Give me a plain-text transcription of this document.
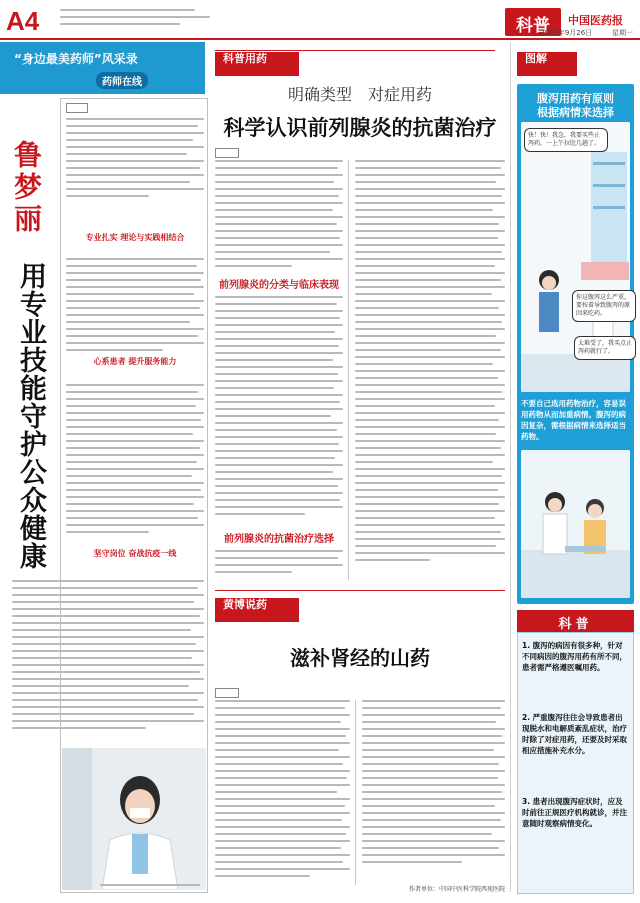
A4	科普	中国医药报
2022年9月26日	星期一
“身边最美药师”风采录
药师在线
鲁梦丽
用专业技能守护公众健康
专业扎实 理论与实践相结合
心系患者 提升服务能力
坚守岗位 奋战抗疫一线
科普用药
明确类型　对症用药
科学认识前列腺炎的抗菌治疗
前列腺炎的分类与临床表现
前列腺炎的抗菌治疗选择
黄博说药
滋补肾经的山药
作者单位：中国中医科学院西苑医院
图解
腹泻用药有原则
根据病情来选择
快！快！我急，我要买些止泻药，一上午拉肚几趟了。
你这腹泻这么严重，要按着导致腹泻的原因来吃药。
太难受了，我买点止泻药就行了。
不要自己选用药物治疗，容易误用药物从而加重病情。腹泻的病因复杂，需根据病情来选择适当药物。
科普
1. 腹泻的病因有很多种，针对不同病因的腹泻用药有所不同，患者需严格遵医嘱用药。
2. 严重腹泻往往会导致患者出现脱水和电解质紊乱症状，治疗时除了对症用药，还要及时采取相应措施补充水分。
3. 患者出现腹泻症状时，应及时前往正规医疗机构就诊，并注意随时观察病情变化。
